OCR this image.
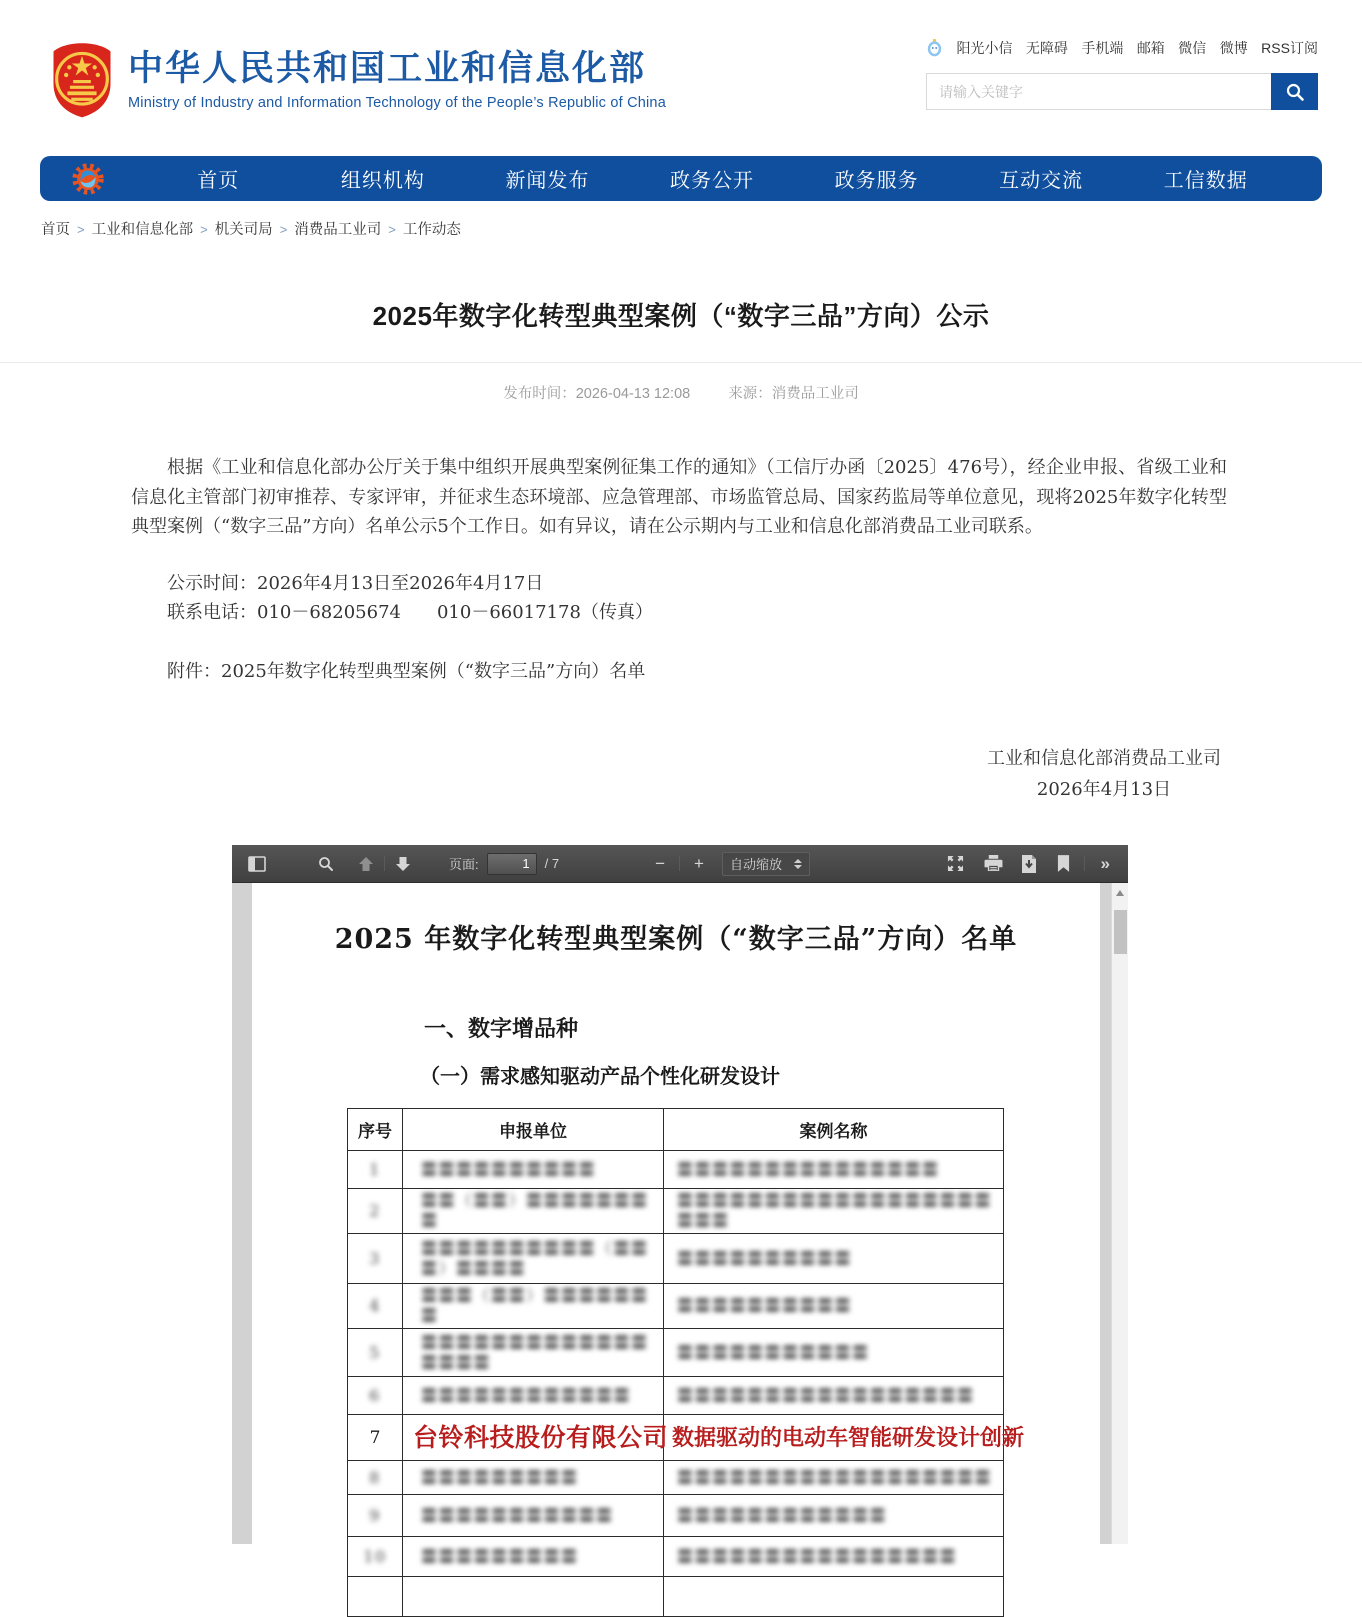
中华人民共和国工业和信息化部
Ministry of Industry and Information Technology of the People’s Republic of China
阳光小信 无障碍 手机端 邮箱 微信 微博 RSS订阅
请输入关键字
首页	组织机构	新闻发布	政务公开	政务服务	互动交流	工信数据
首页 > 工业和信息化部 > 机关司局 > 消费品工业司 > 工作动态
2025年数字化转型典型案例（“数字三品”方向）公示
发布时间：2026-04-13 12:08	来源：消费品工业司

根据《工业和信息化部办公厅关于集中组织开展典型案例征集工作的通知》（工信厅办函〔2025〕476号），经企业申报、省级工业和信息化主管部门初审推荐、专家评审，并征求生态环境部、应急管理部、市场监管总局、国家药监局等单位意见，现将2025年数字化转型典型案例（“数字三品”方向）名单公示5个工作日。如有异议，请在公示期内与工业和信息化部消费品工业司联系。

公示时间：2026年4月13日至2026年4月17日
联系电话：010－68205674　　010－66017178（传真）
附件：2025年数字化转型典型案例（“数字三品”方向）名单
工业和信息化部消费品工业司
2026年4月13日
页面:
1	/ 7	−	+	自动缩放	»
2025 年数字化转型典型案例（“数字三品”方向）名单
一、数字增品种
（一）需求感知驱动产品个性化研发设计
序号	申报单位	案例名称
1	〓〓〓〓〓〓〓〓〓〓	〓〓〓〓〓〓〓〓〓〓〓〓〓〓〓
2	〓〓（〓〓）〓〓〓〓〓〓〓〓	〓〓〓〓〓〓〓〓〓〓〓〓〓〓〓〓〓〓〓〓〓
3	〓〓〓〓〓〓〓〓〓〓（〓〓〓）〓〓〓〓	〓〓〓〓〓〓〓〓〓〓
4	〓〓〓（〓〓）〓〓〓〓〓〓〓	〓〓〓〓〓〓〓〓〓〓
5	〓〓〓〓〓〓〓〓〓〓〓〓〓〓〓〓〓	〓〓〓〓〓〓〓〓〓〓〓
6	〓〓〓〓〓〓〓〓〓〓〓〓	〓〓〓〓〓〓〓〓〓〓〓〓〓〓〓〓〓
7	台铃科技股份有限公司	数据驱动的电动车智能研发设计创新
8	〓〓〓〓〓〓〓〓〓	〓〓〓〓〓〓〓〓〓〓〓〓〓〓〓〓〓〓
9	〓〓〓〓〓〓〓〓〓〓〓	〓〓〓〓〓〓〓〓〓〓〓〓
10	〓〓〓〓〓〓〓〓〓	〓〓〓〓〓〓〓〓〓〓〓〓〓〓〓〓
